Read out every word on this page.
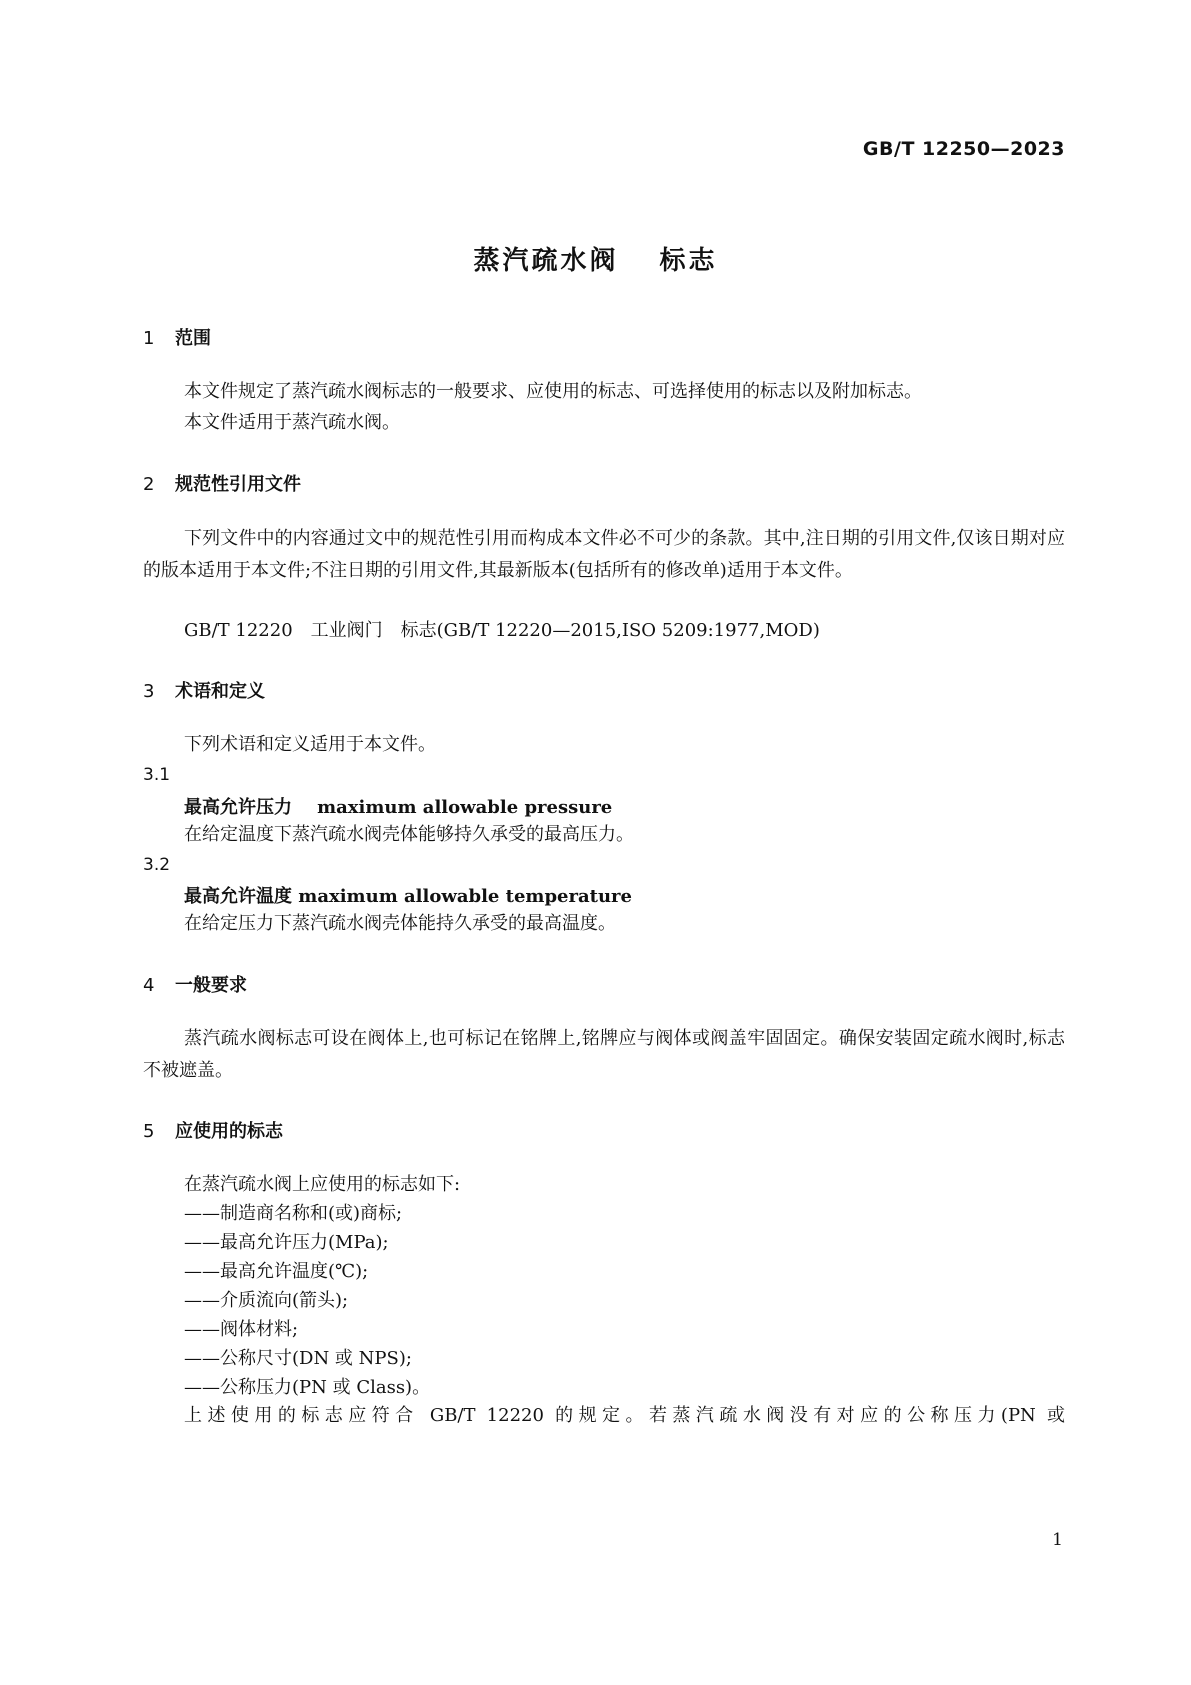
GB/T 12250—2023
蒸汽疏水阀　 标志
1 范围
本文件规定了蒸汽疏水阀标志的一般要求、应使用的标志、可选择使用的标志以及附加标志。
本文件适用于蒸汽疏水阀。
2 规范性引用文件
下列文件中的内容通过文中的规范性引用而构成本文件必不可少的条款。其中,注日期的引用文件,仅该日期对应的版本适用于本文件;不注日期的引用文件,其最新版本(包括所有的修改单)适用于本文件。
GB/T 12220　工业阀门　标志(GB/T 12220—2015,ISO 5209:1977,MOD)
3 术语和定义
下列术语和定义适用于本文件。
3.1
最高允许压力 maximum allowable pressure
在给定温度下蒸汽疏水阀壳体能够持久承受的最高压力。
3.2
最高允许温度 maximum allowable temperature
在给定压力下蒸汽疏水阀壳体能持久承受的最高温度。
4 一般要求
蒸汽疏水阀标志可设在阀体上,也可标记在铭牌上,铭牌应与阀体或阀盖牢固固定。确保安装固定疏水阀时,标志不被遮盖。
5 应使用的标志
在蒸汽疏水阀上应使用的标志如下:
——制造商名称和(或)商标;
——最高允许压力(MPa);
——最高允许温度(℃);
——介质流向(箭头);
——阀体材料;
——公称尺寸(DN 或 NPS);
——公称压力(PN 或 Class)。
上述使用的标志应符合 GB/T 12220 的规定。若蒸汽疏水阀没有对应的公称压力(PN 或
1
